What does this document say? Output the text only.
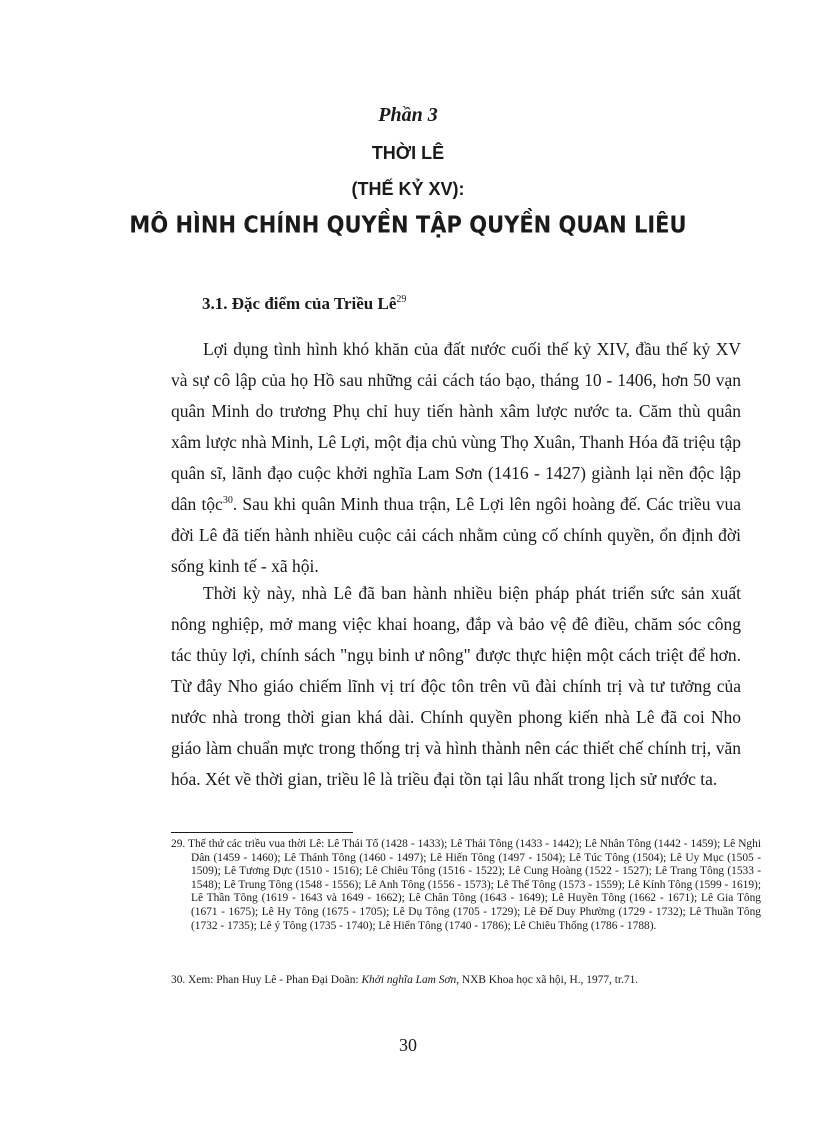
Phần 3
THỜI LÊ
(THẾ KỶ XV):
MÔ HÌNH CHÍNH QUYỀN TẬP QUYỀN QUAN LIÊU
3.1. Đặc điểm của Triều $Lê^{29}$

Lợi dụng tình hình khó khăn của đất nước cuối thế kỷ XIV, đầu thế kỷ XV và sự cô lập của họ Hồ sau những cải cách táo bạo, tháng 10 - 1406, hơn 50 vạn quân Minh do trương Phụ chỉ huy tiến hành xâm lược nước ta. Căm thù quân xâm lược nhà Minh, Lê Lợi, một địa chủ vùng Thọ Xuân, Thanh Hóa đã triệu tập quân sĩ, lãnh đạo cuộc khởi nghĩa Lam Sơn (1416 - 1427) giành lại nền độc lập dân tộc$^{30}$. Sau khi quân Minh thua trận, Lê Lợi lên ngôi hoàng đế. Các triều vua đời Lê đã tiến hành nhiều cuộc cải cách nhằm củng cố chính quyền, ổn định đời sống kinh tế - xã hội.

Thời kỳ này, nhà Lê đã ban hành nhiều biện pháp phát triển sức sản xuất nông nghiệp, mở mang việc khai hoang, đắp và bảo vệ đê điều, chăm sóc công tác thủy lợi, chính sách "ngụ binh ư nông" được thực hiện một cách triệt để hơn. Từ đây Nho giáo chiếm lĩnh vị trí độc tôn trên vũ đài chính trị và tư tưởng của nước nhà trong thời gian khá dài. Chính quyền phong kiến nhà Lê đã coi Nho giáo làm chuẩn mực trong thống trị và hình thành nên các thiết chế chính trị, văn hóa. Xét về thời gian, triều lê là triều đại tồn tại lâu nhất trong lịch sử nước ta.

29. Thế thứ các triều vua thời Lê: Lê Thái Tổ (1428 - 1433); Lê Thái Tông (1433 - 1442); Lê Nhân Tông (1442 - 1459); Lê Nghi Dân (1459 - 1460); Lê Thánh Tông (1460 - 1497); Lê Hiến Tông (1497 - 1504); Lê Túc Tông (1504); Lê Uy Mục (1505 - 1509); Lê Tương Dực (1510 - 1516); Lê Chiêu Tông (1516 - 1522); Lê Cung Hoàng (1522 - 1527); Lê Trang Tông (1533 - 1548); Lê Trung Tông (1548 - 1556); Lê Anh Tông (1556 - 1573); Lê Thế Tông (1573 - 1559); Lê Kính Tông (1599 - 1619); Lê Thần Tông (1619 - 1643 và 1649 - 1662); Lê Chân Tông (1643 - 1649); Lê Huyền Tông (1662 - 1671); Lê Gia Tông (1671 - 1675); Lê Hy Tông (1675 - 1705); Lê Dụ Tông (1705 - 1729); Lê Đế Duy Phường (1729 - 1732); Lê Thuần Tông (1732 - 1735); Lê ý Tông (1735 - 1740); Lê Hiển Tông (1740 - 1786); Lê Chiêu Thống (1786 - 1788).

30. Xem: Phan Huy Lê - Phan Đại Doãn: Khởi nghĩa Lam Sơn, NXB Khoa học xã hội, H., 1977, tr.71.

30
